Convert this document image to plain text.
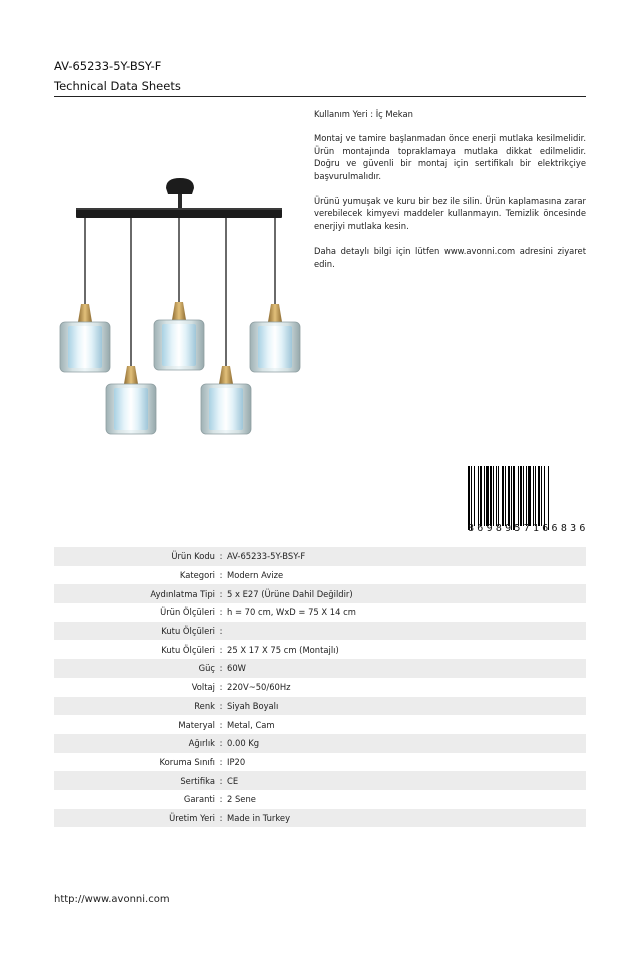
AV-65233-5Y-BSY-F
Technical Data Sheets

Kullanım Yeri : İç Mekan

Montaj ve tamire başlanmadan önce enerji mutlaka kesilmelidir. Ürün montajında topraklamaya mutlaka dikkat edilmelidir. Doğru ve güvenli bir montaj için sertifikalı bir elektrikçiye başvurulmalıdır.

Ürünü yumuşak ve kuru bir bez ile silin. Ürün kaplamasına zarar verebilecek kimyevi maddeler kullanmayın. Temizlik öncesinde enerjiyi mutlaka kesin.

Daha detaylı bilgi için lütfen www.avonni.com adresini ziyaret edin.

8 6 9 8 9 5 7 1 6 6 8 3 6
Ürün Kodu : AV-65233-5Y-BSY-F
Kategori : Modern Avize
Aydınlatma Tipi : 5 x E27 (Ürüne Dahil Değildir)
Ürün Ölçüleri : h = 70 cm, WxD = 75 X 14 cm
Kutu Ölçüleri :
Kutu Ölçüleri : 25 X 17 X 75 cm (Montajlı)
Güç : 60W
Voltaj : 220V~50/60Hz
Renk : Siyah Boyalı
Materyal : Metal, Cam
Ağırlık : 0.00 Kg
Koruma Sınıfı : IP20
Sertifika : CE
Garanti : 2 Sene
Üretim Yeri : Made in Turkey
http://www.avonni.com
